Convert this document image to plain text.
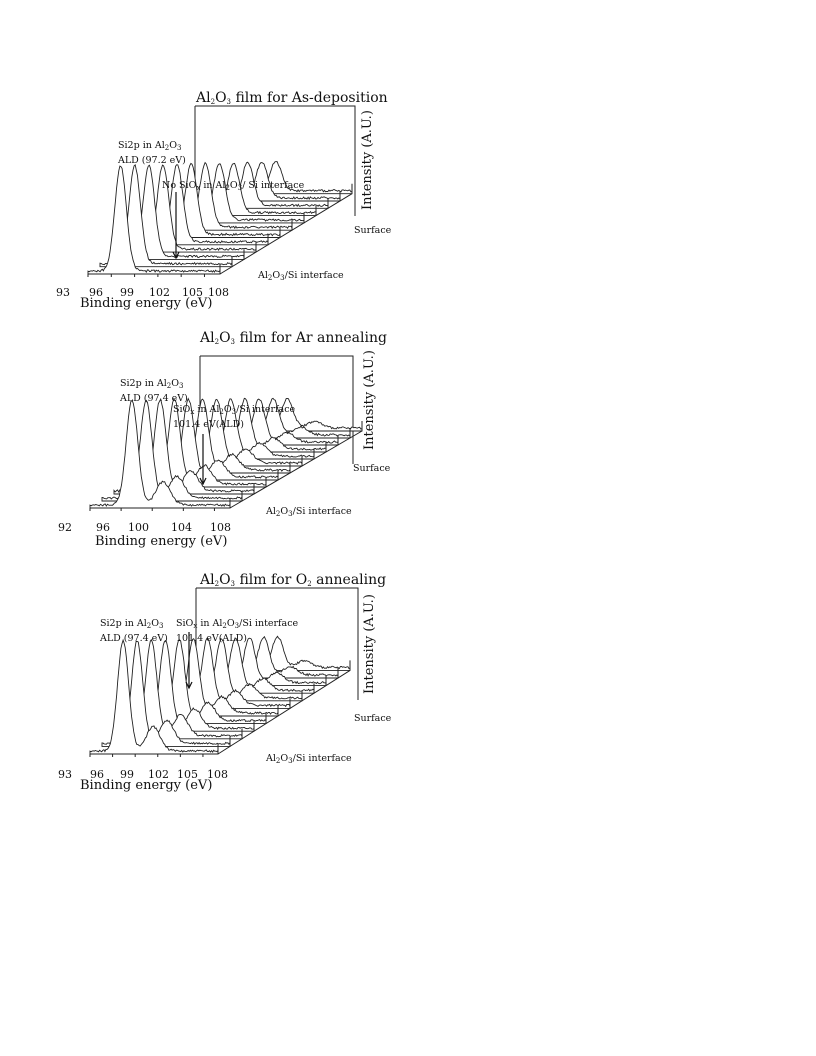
$Al_2O_3$ film for As-deposition
Intensity (A.U.)
Si2p in $Al_2O_3$
ALD (97.2 eV)
No SiO$_x$ in $Al_2O_3/$ Si interface
Surface
$Al_2O_3/Si$ interface
93 96 99 102 105 108
Binding energy (eV)
$Al_2O_3$ film for Ar annealing
Intensity (A.U.)
Si2p in $Al_2O_3$
ALD (97.4 eV)
SiO$_x$ in $Al_2O_3/Si$ interface
101.4 eV(ALD)
Surface
$Al_2O_3/Si$ interface
92 96 100 104 108
Binding energy (eV)
$Al_2O_3$ film for $O_2$ annealing
Intensity (A.U.)
Si2p in $Al_2O_3$
ALD (97.4 eV)
SiO$_x$ in $Al_2O_3/Si$ interface
101.4 eV(ALD)
Surface
$Al_2O_3/Si$ interface
93 96 99 102 105 108
Binding energy (eV)
